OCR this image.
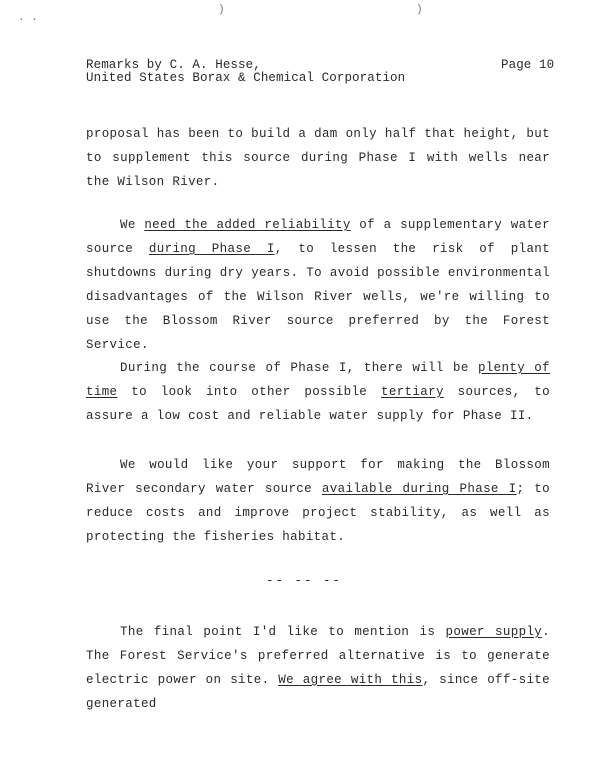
. .
)	)
Remarks by C. A. Hesse,
United States Borax & Chemical Corporation
Page 10

proposal has been to build a dam only half that height, but to supplement this source during Phase I with wells near the Wilson River.

We need the added reliability of a supplementary water source during Phase I, to lessen the risk of plant shutdowns during dry years. To avoid possible environmental disadvantages of the Wilson River wells, we're willing to use the Blossom River source preferred by the Forest Service.

During the course of Phase I, there will be plenty of time to look into other possible tertiary sources, to assure a low cost and reliable water supply for Phase II.

We would like your support for making the Blossom River secondary water source available during Phase I; to reduce costs and improve project stability, as well as protecting the fisheries habitat.

-- -- --

The final point I'd like to mention is power supply. The Forest Service's preferred alternative is to generate electric power on site. We agree with this, since off-site generated
